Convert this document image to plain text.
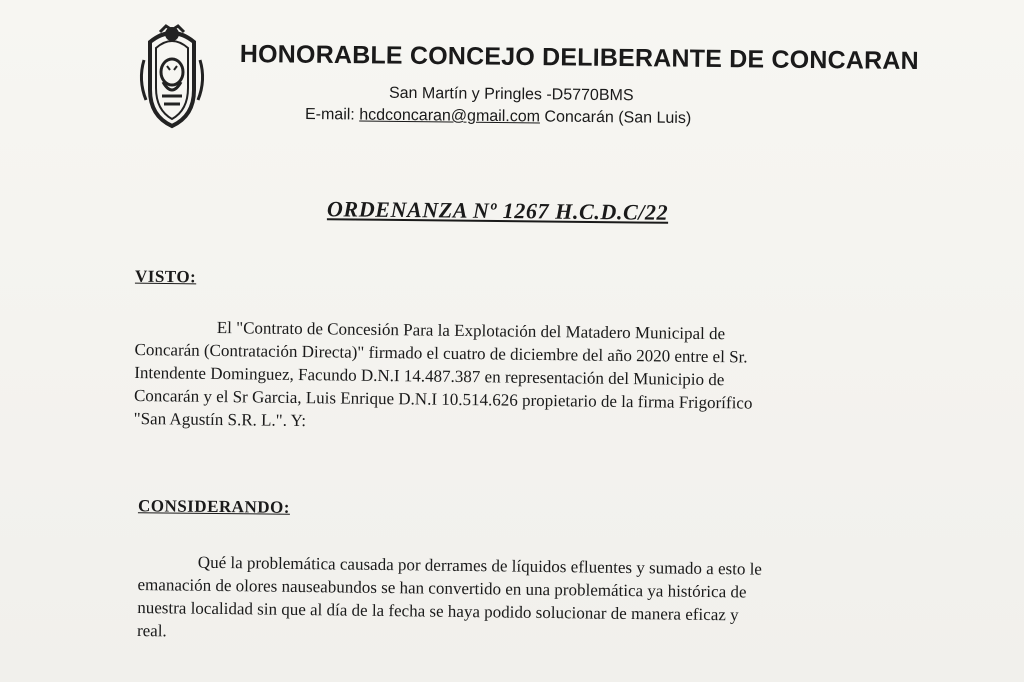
HONORABLE CONCEJO DELIBERANTE DE CONCARAN
San Martín y Pringles -D5770BMS
E-mail: hcdconcaran@gmail.com Concarán (San Luis)
ORDENANZA Nº 1267 H.C.D.C/22
VISTO:

El "Contrato de Concesión Para la Explotación del Matadero Municipal de

Concarán (Contratación Directa)" firmado el cuatro de diciembre del año 2020 entre el Sr.

Intendente Dominguez, Facundo D.N.I 14.487.387 en representación del Municipio de

Concarán y el Sr Garcia, Luis Enrique D.N.I 10.514.626 propietario de la firma Frigorífico

"San Agustín S.R. L.". Y:

CONSIDERANDO:

Qué la problemática causada por derrames de líquidos efluentes y sumado a esto le

emanación de olores nauseabundos se han convertido en una problemática ya histórica de

nuestra localidad sin que al día de la fecha se haya podido solucionar de manera eficaz y

real.
